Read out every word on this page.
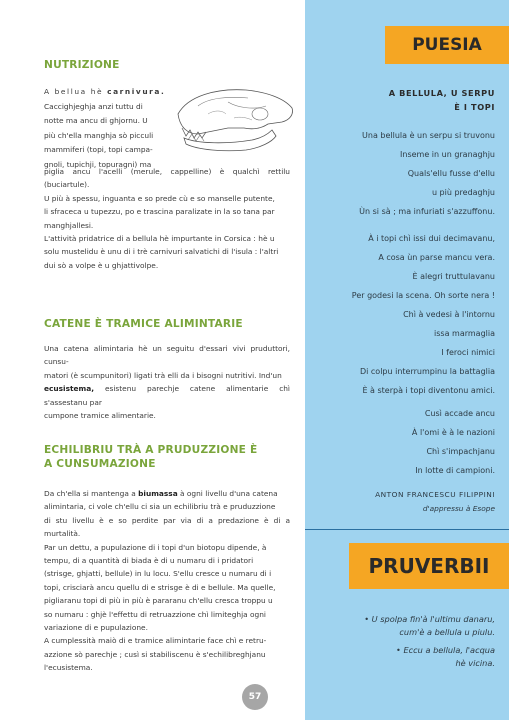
NUTRIZIONE
A bellua hè carnivura.
Caccighjeghja anzi tuttu di
notte ma ancu di ghjornu. U
più ch'ella manghja sò picculi
mammiferi (topi, topi campa-
gnoli, tupichji, topuragni) ma
piglia ancu l'acelli (merule, cappelline) è qualchì rettilu (buciartule).
U più à spessu, inguanta e so prede cù e so manselle putente,
li sfraceca u tupezzu, po e trascina paralizate in la so tana par
manghjallesi.
L'attività pridatrice di a bellula hè impurtante in Corsica : hè u
solu mustelidu è unu di i trè carnivuri salvatichi di l'isula : l'altri
dui sò a volpe è u ghjattivolpe.
CATENE È TRAMICE ALIMINTARIE
Una catena alimintaria hè un seguitu d'essari vivi pruduttori, cunsu-
matori (è scumpunitori) ligati trà elli da i bisogni nutritivi. Ind'un
ecusistema, esistenu parechje catene alimentarie chì s'assestanu par
cumpone tramice alimentarie.
ECHILIBRIU TRÀ A PRUDUZZIONE È
A CUNSUMAZIONE
Da ch'ella si mantenga a biumassa à ogni livellu d'una catena
alimintaria, ci vole ch'ellu ci sia un echilibriu trà e pruduzzione
di stu livellu è e so perdite par via di a predazione è di a murtalità.
Par un dettu, a pupulazione di i topi d'un biotopu dipende, à
tempu, di a quantità di biada è di u numaru di i pridatori
(strisge, ghjatti, bellule) in lu locu. S'ellu cresce u numaru di i
topi, crisciarà ancu quellu di e strisge è di e bellule. Ma quelle,
pigliaranu topi di più in più è pararanu ch'ellu cresca troppu u
so numaru : ghjè l'effettu di retruazzione chì limiteghja ogni
variazione di e pupulazione.
A cumplessità maiò di e tramice alimintarie face chì e retru-
azzione sò parechje ; cusì si stabiliscenu è s'echilibreghjanu
l'ecusistema.
57
PUESIA
A BELLULA, U SERPU
È I TOPI
Una bellula è un serpu si truvonu
Inseme in un granaghju
Quals'ellu fusse d'ellu
u più predaghju
Ùn si sà ; ma infuriati s'azzuffonu.
À i topi chì issi dui decimavanu,
A cosa ùn parse mancu vera.
È alegri truttulavanu
Per godesi la scena. Oh sorte nera !
Chì à vedesi à l'intornu
issa marmaglia
I feroci nimici
Di colpu interrumpinu la battaglia
È à sterpà i topi diventonu amici.
Cusì accade ancu
À l'omi è à le nazioni
Chì s'impachjanu
In lotte di campioni.
ANTON FRANCESCU FILIPPINI
d'appressu à Esope
PRUVERBII
• U spolpa fin'à l'ultimu danaru,
cum'è a bellula u piulu.
• Eccu a bellula, l'acqua
hè vicina.
